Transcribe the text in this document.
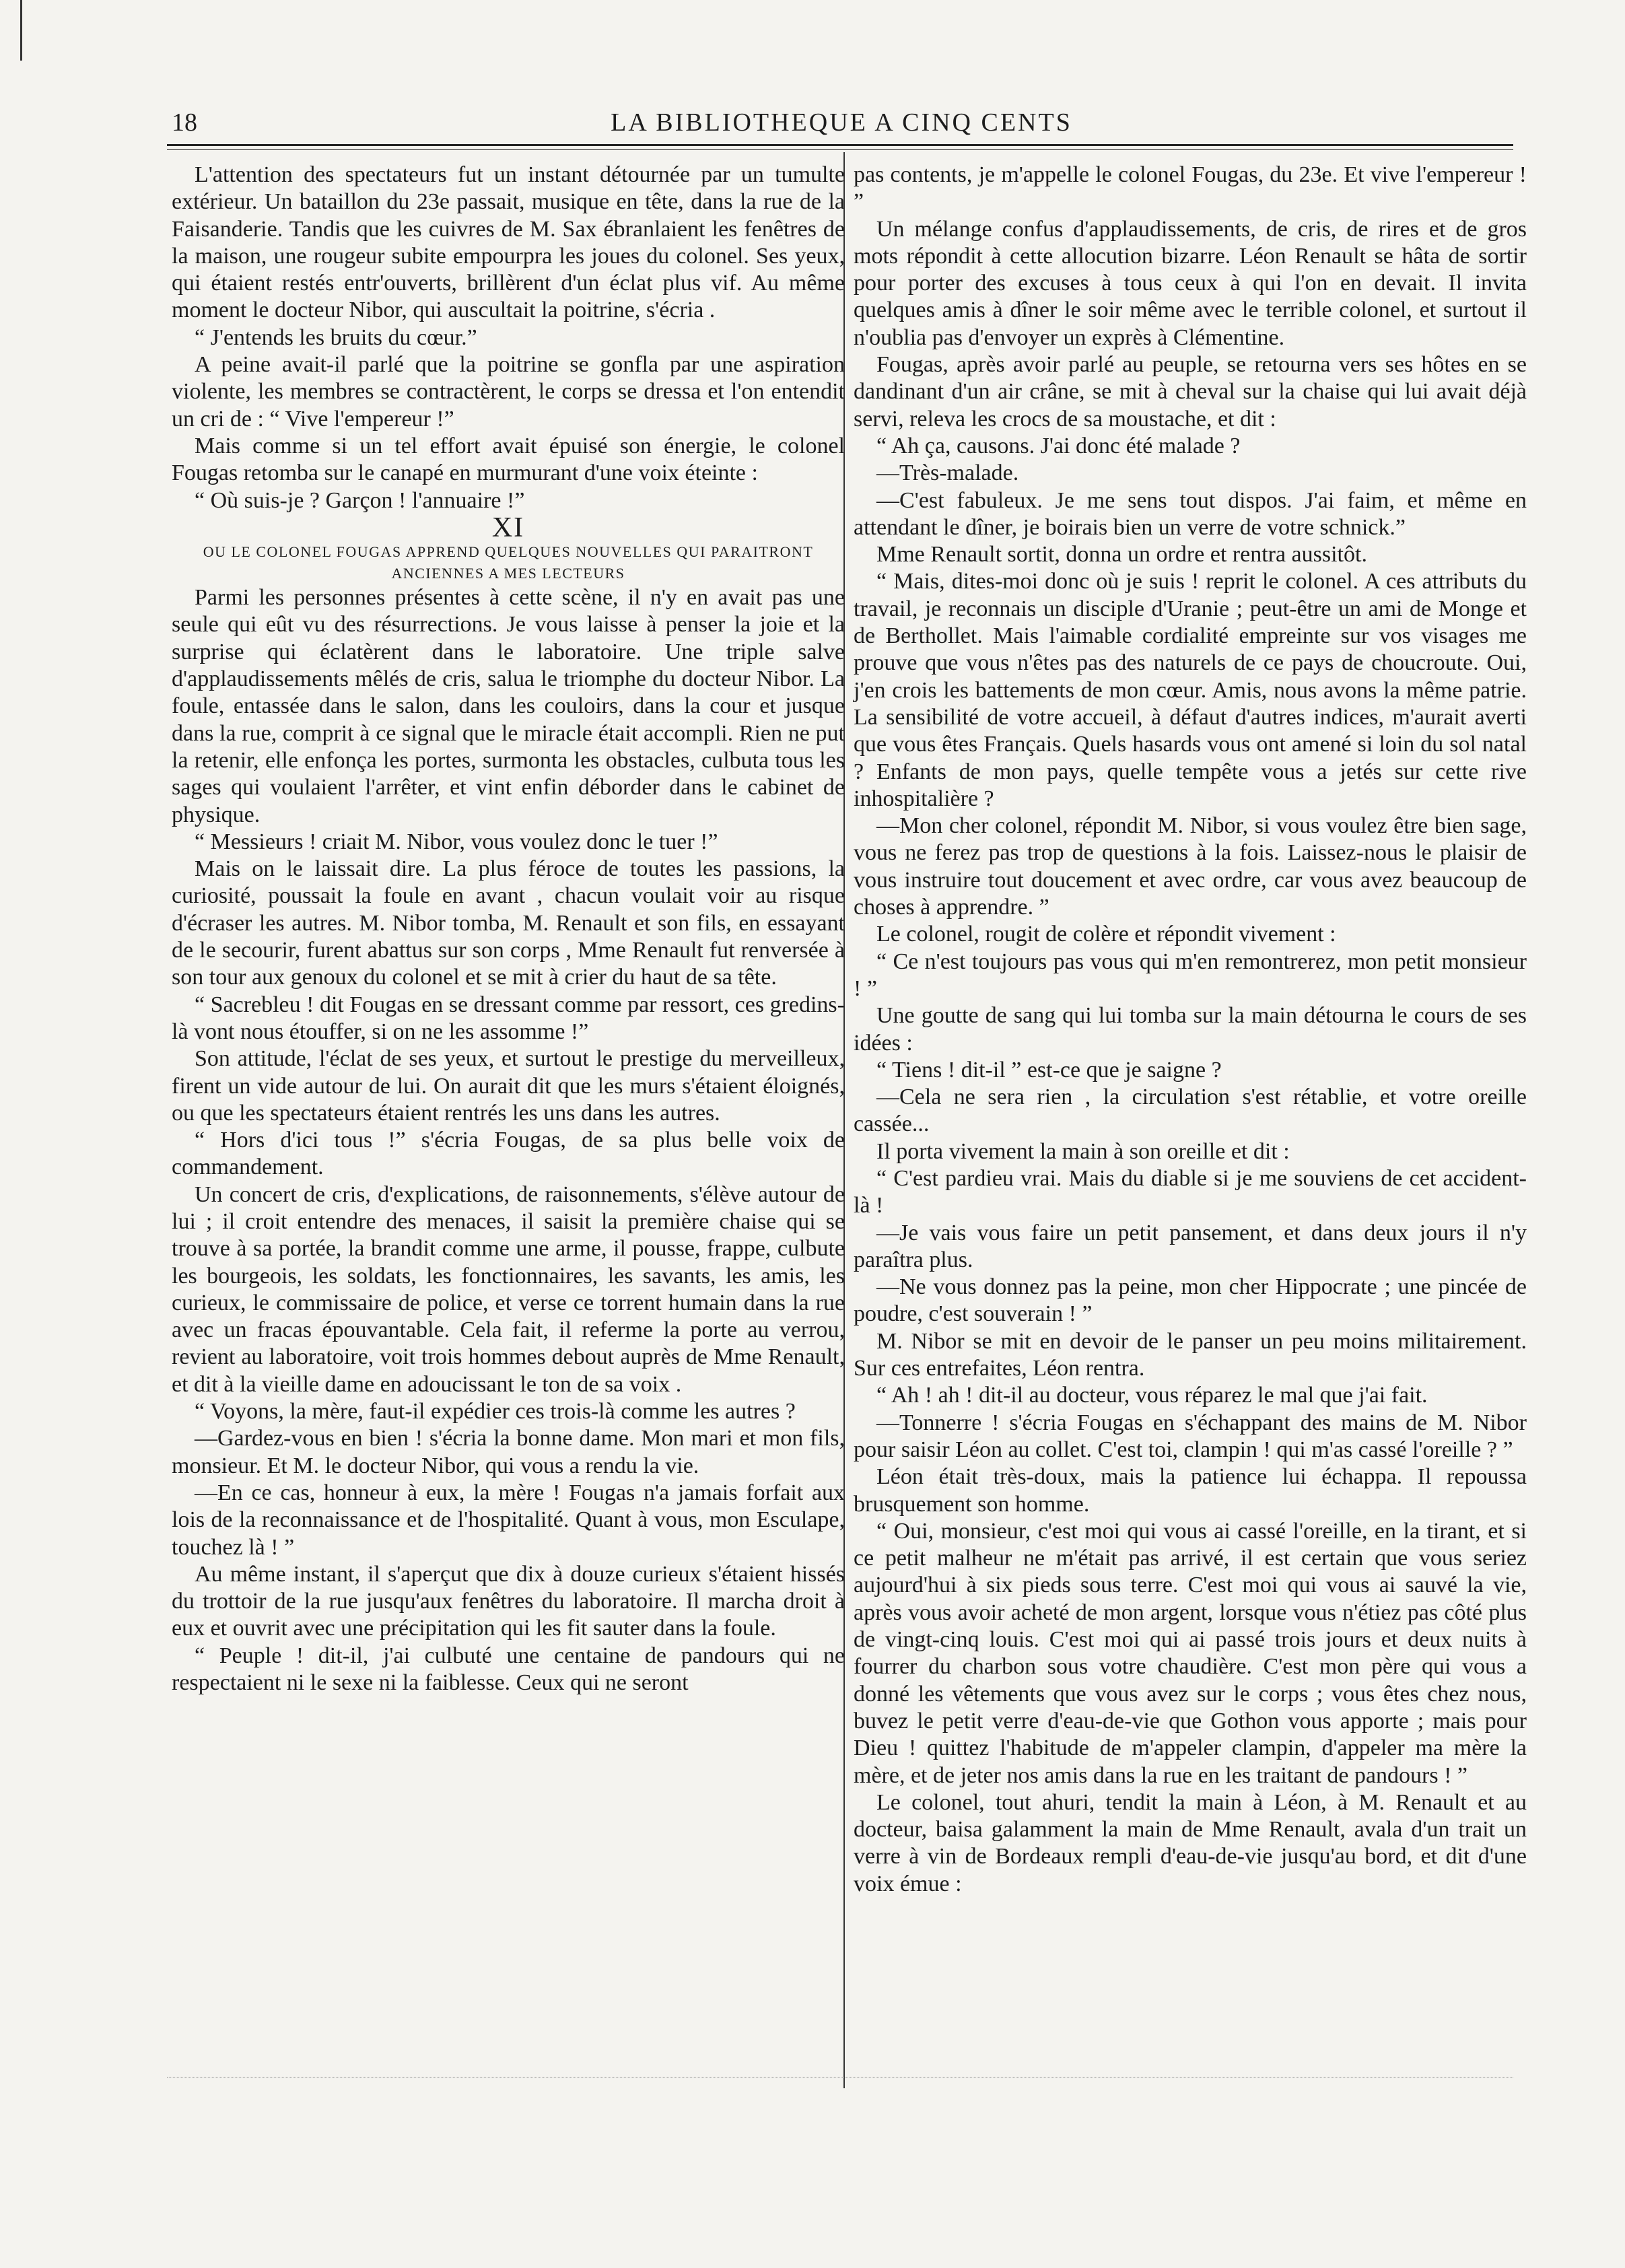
18	LA BIBLIOTHEQUE A CINQ CENTS

L'attention des spectateurs fut un instant détournée par un tumulte extérieur. Un bataillon du 23e passait, musique en tête, dans la rue de la Faisanderie. Tandis que les cuivres de M. Sax ébranlaient les fenêtres de la maison, une rougeur subite empourpra les joues du colonel. Ses yeux, qui étaient restés entr'ouverts, brillèrent d'un éclat plus vif. Au même moment le docteur Nibor, qui auscultait la poitrine, s'écria .

“ J'entends les bruits du cœur.”

A peine avait-il parlé que la poitrine se gonfla par une aspiration violente, les membres se contractèrent, le corps se dressa et l'on entendit un cri de : “ Vive l'empereur !”

Mais comme si un tel effort avait épuisé son énergie, le colonel Fougas retomba sur le canapé en murmurant d'une voix éteinte :

“ Où suis-je ? Garçon ! l'annuaire !”

XI

OU LE COLONEL FOUGAS APPREND QUELQUES NOUVELLES QUI PARAITRONT ANCIENNES A MES LECTEURS

Parmi les personnes présentes à cette scène, il n'y en avait pas une seule qui eût vu des résurrections. Je vous laisse à penser la joie et la surprise qui éclatèrent dans le laboratoire. Une triple salve d'applaudissements mêlés de cris, salua le triomphe du docteur Nibor. La foule, entassée dans le salon, dans les couloirs, dans la cour et jusque dans la rue, comprit à ce signal que le miracle était accompli. Rien ne put la retenir, elle enfonça les portes, surmonta les obstacles, culbuta tous les sages qui voulaient l'arrêter, et vint enfin déborder dans le cabinet de physique.

“ Messieurs ! criait M. Nibor, vous voulez donc le tuer !”

Mais on le laissait dire. La plus féroce de toutes les passions, la curiosité, poussait la foule en avant , chacun voulait voir au risque d'écraser les autres. M. Nibor tomba, M. Renault et son fils, en essayant de le secourir, furent abattus sur son corps , Mme Renault fut renversée à son tour aux genoux du colonel et se mit à crier du haut de sa tête.

“ Sacrebleu ! dit Fougas en se dressant comme par ressort, ces gredins-là vont nous étouffer, si on ne les assomme !”

Son attitude, l'éclat de ses yeux, et surtout le prestige du merveilleux, firent un vide autour de lui. On aurait dit que les murs s'étaient éloignés, ou que les spectateurs étaient rentrés les uns dans les autres.

“ Hors d'ici tous !” s'écria Fougas, de sa plus belle voix de commandement.

Un concert de cris, d'explications, de raisonnements, s'élève autour de lui ; il croit entendre des menaces, il saisit la première chaise qui se trouve à sa portée, la brandit comme une arme, il pousse, frappe, culbute les bourgeois, les soldats, les fonctionnaires, les savants, les amis, les curieux, le commissaire de police, et verse ce torrent humain dans la rue avec un fracas épouvantable. Cela fait, il referme la porte au verrou, revient au laboratoire, voit trois hommes debout auprès de Mme Renault, et dit à la vieille dame en adoucissant le ton de sa voix .

“ Voyons, la mère, faut-il expédier ces trois-là comme les autres ?

—Gardez-vous en bien ! s'écria la bonne dame. Mon mari et mon fils, monsieur. Et M. le docteur Nibor, qui vous a rendu la vie.

—En ce cas, honneur à eux, la mère ! Fougas n'a jamais forfait aux lois de la reconnaissance et de l'hospitalité. Quant à vous, mon Esculape, touchez là ! ”

Au même instant, il s'aperçut que dix à douze curieux s'étaient hissés du trottoir de la rue jusqu'aux fenêtres du laboratoire. Il marcha droit à eux et ouvrit avec une précipitation qui les fit sauter dans la foule.

“ Peuple ! dit-il, j'ai culbuté une centaine de pandours qui ne respectaient ni le sexe ni la faiblesse. Ceux qui ne seront

pas contents, je m'appelle le colonel Fougas, du 23e. Et vive l'empereur ! ”

Un mélange confus d'applaudissements, de cris, de rires et de gros mots répondit à cette allocution bizarre. Léon Renault se hâta de sortir pour porter des excuses à tous ceux à qui l'on en devait. Il invita quelques amis à dîner le soir même avec le terrible colonel, et surtout il n'oublia pas d'envoyer un exprès à Clémentine.

Fougas, après avoir parlé au peuple, se retourna vers ses hôtes en se dandinant d'un air crâne, se mit à cheval sur la chaise qui lui avait déjà servi, releva les crocs de sa moustache, et dit :

“ Ah ça, causons. J'ai donc été malade ?

—Très-malade.

—C'est fabuleux. Je me sens tout dispos. J'ai faim, et même en attendant le dîner, je boirais bien un verre de votre schnick.”

Mme Renault sortit, donna un ordre et rentra aussitôt.

“ Mais, dites-moi donc où je suis ! reprit le colonel. A ces attributs du travail, je reconnais un disciple d'Uranie ; peut-être un ami de Monge et de Berthollet. Mais l'aimable cordialité empreinte sur vos visages me prouve que vous n'êtes pas des naturels de ce pays de choucroute. Oui, j'en crois les battements de mon cœur. Amis, nous avons la même patrie. La sensibilité de votre accueil, à défaut d'autres indices, m'aurait averti que vous êtes Français. Quels hasards vous ont amené si loin du sol natal ? Enfants de mon pays, quelle tempête vous a jetés sur cette rive inhospitalière ?

—Mon cher colonel, répondit M. Nibor, si vous voulez être bien sage, vous ne ferez pas trop de questions à la fois. Laissez-nous le plaisir de vous instruire tout doucement et avec ordre, car vous avez beaucoup de choses à apprendre. ”

Le colonel, rougit de colère et répondit vivement :

“ Ce n'est toujours pas vous qui m'en remontrerez, mon petit monsieur ! ”

Une goutte de sang qui lui tomba sur la main détourna le cours de ses idées :

“ Tiens ! dit-il ” est-ce que je saigne ?

—Cela ne sera rien , la circulation s'est rétablie, et votre oreille cassée...

Il porta vivement la main à son oreille et dit :

“ C'est pardieu vrai. Mais du diable si je me souviens de cet accident-là !

—Je vais vous faire un petit pansement, et dans deux jours il n'y paraîtra plus.

—Ne vous donnez pas la peine, mon cher Hippocrate ; une pincée de poudre, c'est souverain ! ”

M. Nibor se mit en devoir de le panser un peu moins militairement. Sur ces entrefaites, Léon rentra.

“ Ah ! ah ! dit-il au docteur, vous réparez le mal que j'ai fait.

—Tonnerre ! s'écria Fougas en s'échappant des mains de M. Nibor pour saisir Léon au collet. C'est toi, clampin ! qui m'as cassé l'oreille ? ”

Léon était très-doux, mais la patience lui échappa. Il repoussa brusquement son homme.

“ Oui, monsieur, c'est moi qui vous ai cassé l'oreille, en la tirant, et si ce petit malheur ne m'était pas arrivé, il est certain que vous seriez aujourd'hui à six pieds sous terre. C'est moi qui vous ai sauvé la vie, après vous avoir acheté de mon argent, lorsque vous n'étiez pas côté plus de vingt-cinq louis. C'est moi qui ai passé trois jours et deux nuits à fourrer du charbon sous votre chaudière. C'est mon père qui vous a donné les vêtements que vous avez sur le corps ; vous êtes chez nous, buvez le petit verre d'eau-de-vie que Gothon vous apporte ; mais pour Dieu ! quittez l'habitude de m'appeler clampin, d'appeler ma mère la mère, et de jeter nos amis dans la rue en les traitant de pandours ! ”

Le colonel, tout ahuri, tendit la main à Léon, à M. Renault et au docteur, baisa galamment la main de Mme Renault, avala d'un trait un verre à vin de Bordeaux rempli d'eau-de-vie jusqu'au bord, et dit d'une voix émue :
